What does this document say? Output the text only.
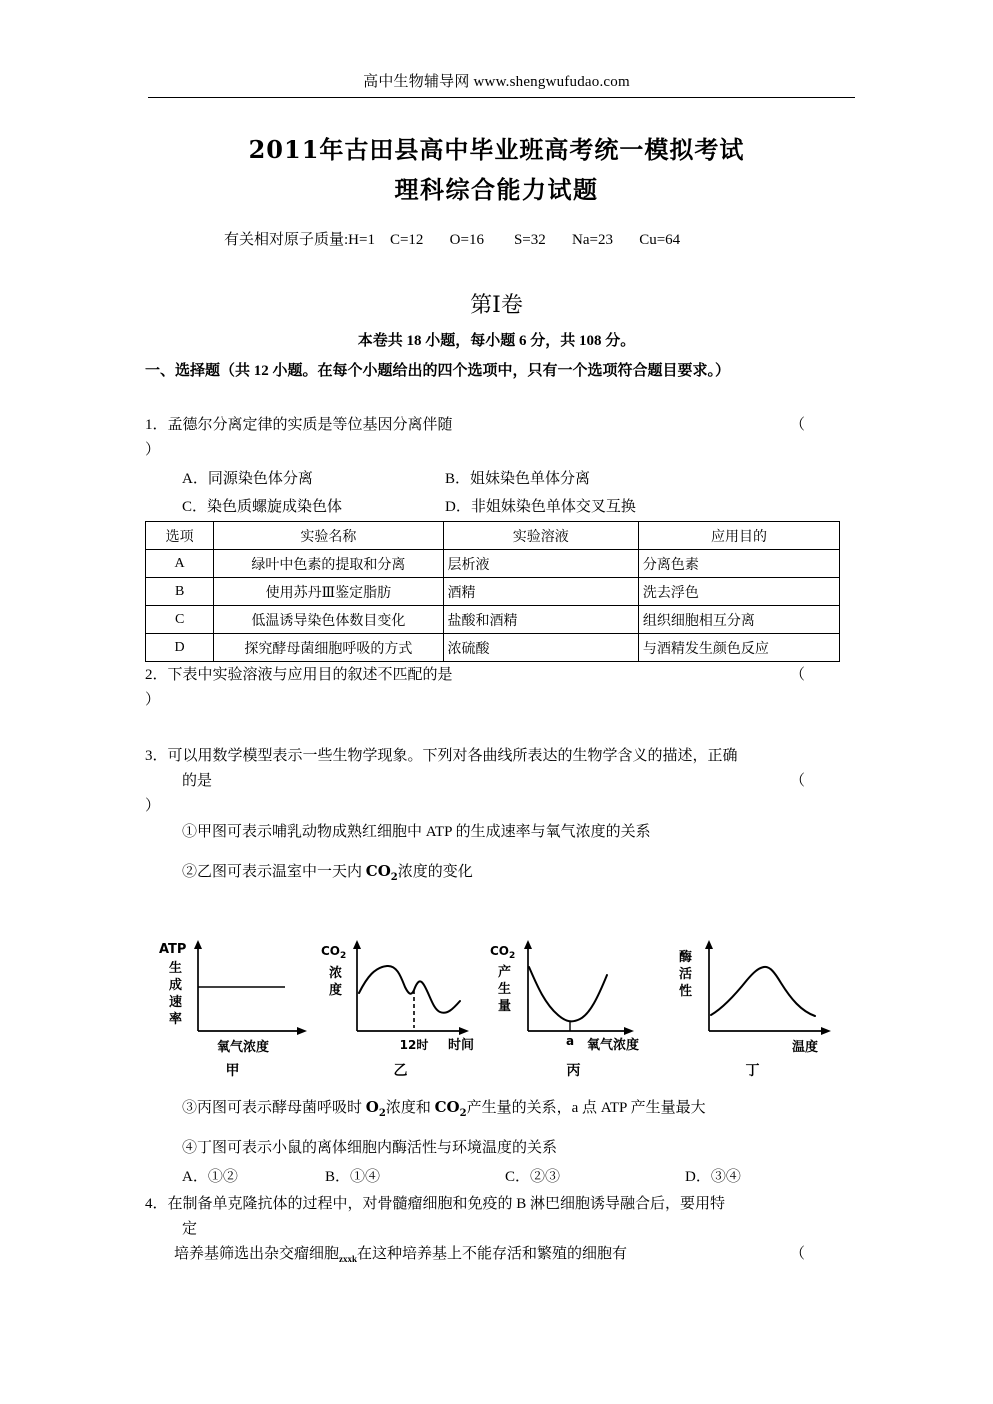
高中生物辅导网 www.shengwufudao.com
2011年古田县高中毕业班高考统一模拟考试
理科综合能力试题
有关相对原子质量:H=1    C=12       O=16        S=32       Na=23       Cu=64
第Ⅰ卷
本卷共 18 小题，每小题 6 分，共 108 分。
一、选择题（共 12 小题。在每个小题给出的四个选项中，只有一个选项符合题目要求。）
1．孟德尔分离定律的实质是等位基因分离伴随	（
）
A．同源染色体分离	B．姐妹染色单体分离
C．染色质螺旋成染色体	D．非姐妹染色单体交叉互换
选项	实验名称	实验溶液	应用目的
A	绿叶中色素的提取和分离	层析液	分离色素
B	使用苏丹Ⅲ鉴定脂肪	酒精	洗去浮色
C	低温诱导染色体数目变化	盐酸和酒精	组织细胞相互分离
D	探究酵母菌细胞呼吸的方式	浓硫酸	与酒精发生颜色反应
2．下表中实验溶液与应用目的叙述不匹配的是	（
）
3．可以用数学模型表示一些生物学现象。下列对各曲线所表达的生物学含义的描述，正确
的是	（
）
①甲图可表示哺乳动物成熟红细胞中 ATP 的生成速率与氧气浓度的关系
②乙图可表示温室中一天内 $CO_2$浓度的变化
ATP
生
成
速
率
氧气浓度
甲
$CO_2$
浓
度
12时 时间
乙
$CO_2$
产
生
量
a 氧气浓度
丙
酶
活
性
温度
丁
③丙图可表示酵母菌呼吸时 $O_2$浓度和 $CO_2$产生量的关系，a 点 ATP 产生量最大
④丁图可表示小鼠的离体细胞内酶活性与环境温度的关系
A．①②	B．①④	C．②③	D．③④
4．在制备单克隆抗体的过程中，对骨髓瘤细胞和免疫的 B 淋巴细胞诱导融合后，要用特
定
培养基筛选出杂交瘤细胞$_{zxxk}$在这种培养基上不能存活和繁殖的细胞有	（
